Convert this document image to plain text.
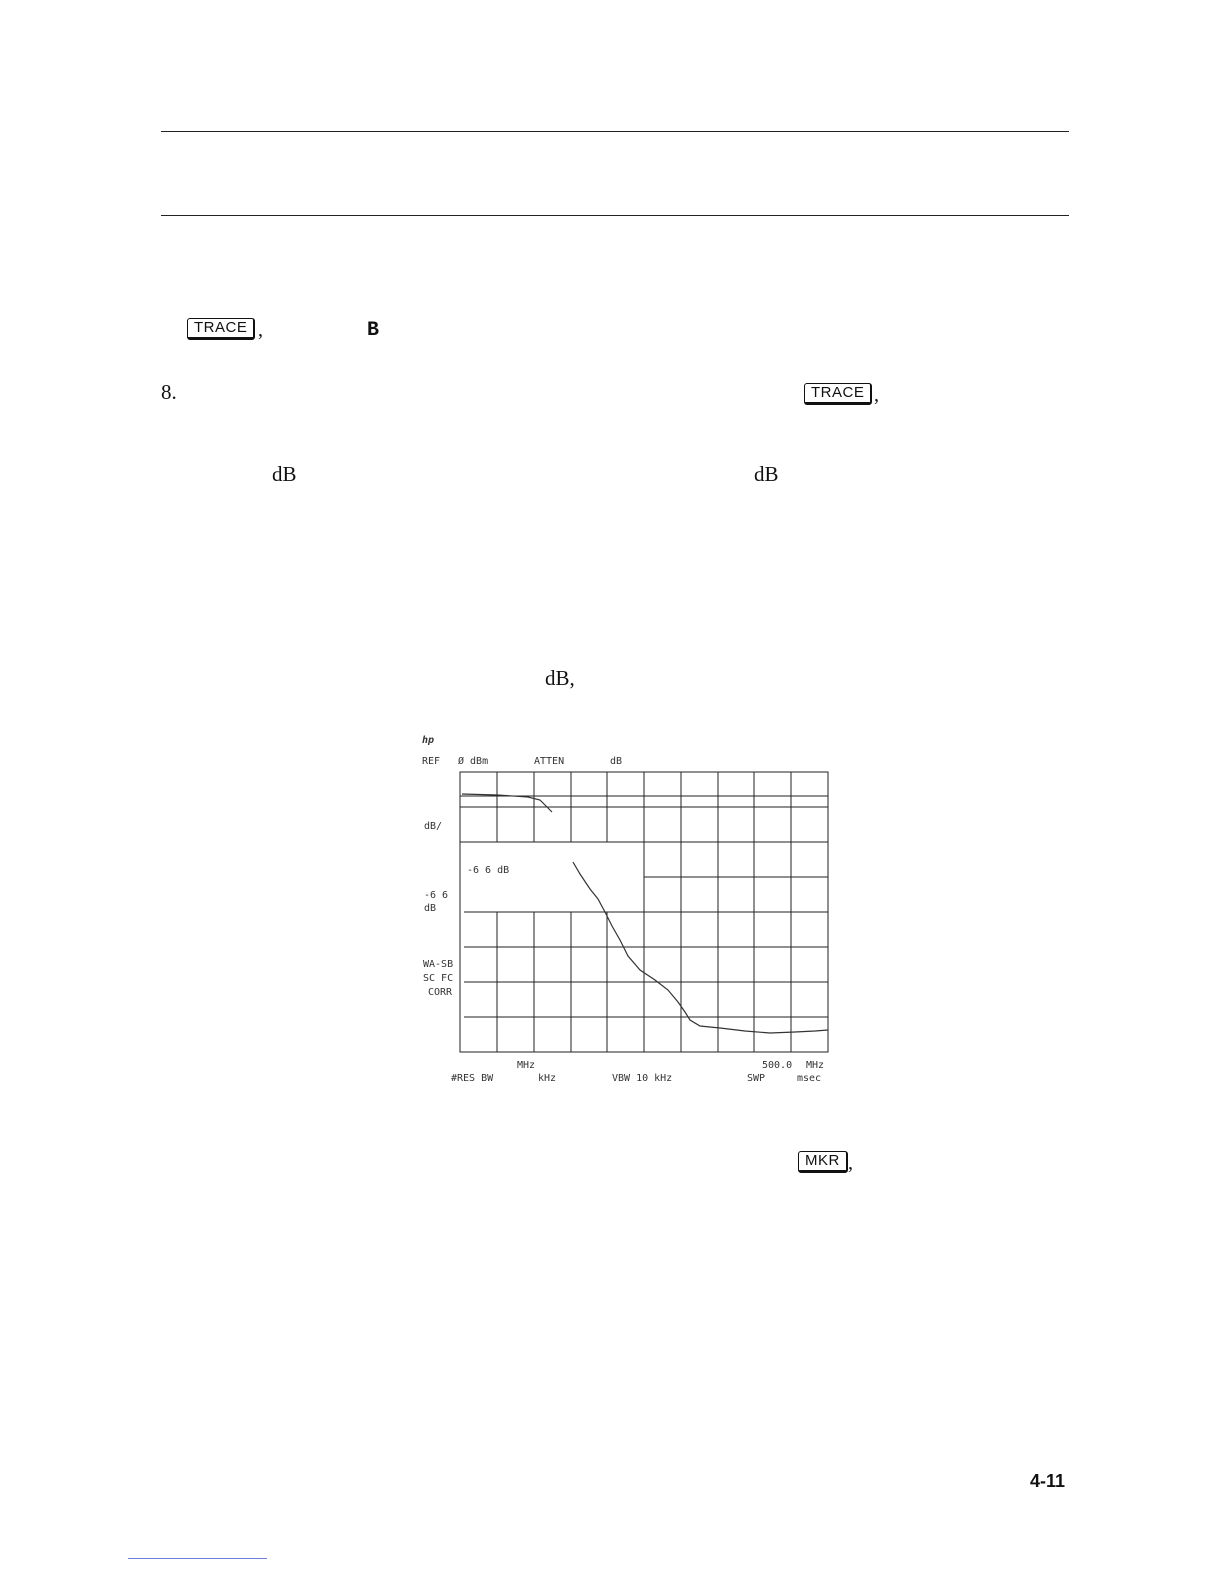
TRACE ,	B
8.	TRACE ,
dB	dB
dB,
hp
REF Ø dBm	ATTEN	dB
dB/
-6 6
dB
WA-SB
SC FC
CORR
-6 6 dB
MHz	500.0 MHz
#RES BW	kHz	VBW 10 kHz	SWP	msec
MKR ,
4-11
